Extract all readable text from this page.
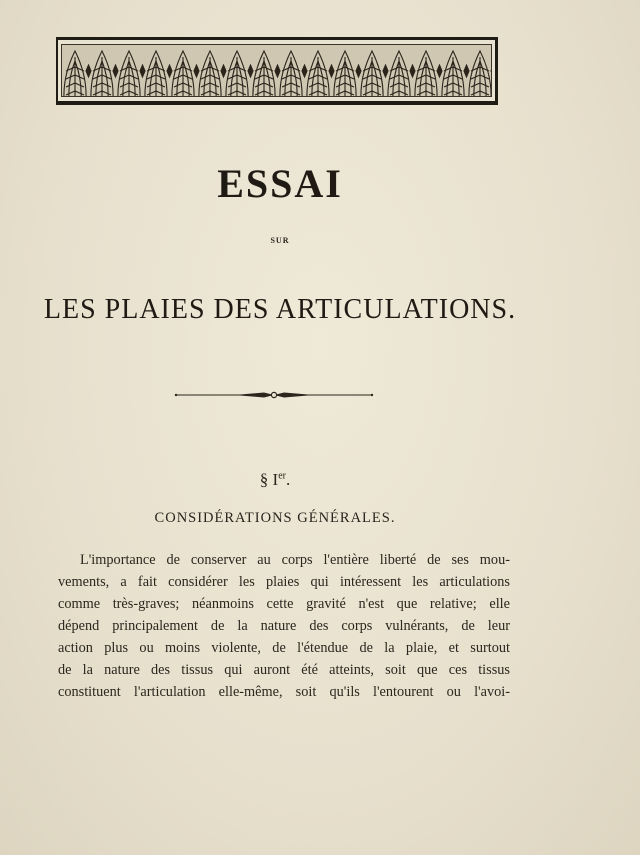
ESSAI
SUR
LES PLAIES DES ARTICULATIONS.
§ Ier.
CONSIDÉRATIONS GÉNÉRALES.
L'importance de conserver au corps l'entière liberté de ses mou-
vements, a fait considérer les plaies qui intéressent les articulations
comme très-graves; néanmoins cette gravité n'est que relative; elle
dépend principalement de la nature des corps vulnérants, de leur
action plus ou moins violente, de l'étendue de la plaie, et surtout
de la nature des tissus qui auront été atteints, soit que ces tissus
constituent l'articulation elle-même, soit qu'ils l'entourent ou l'avoi-
